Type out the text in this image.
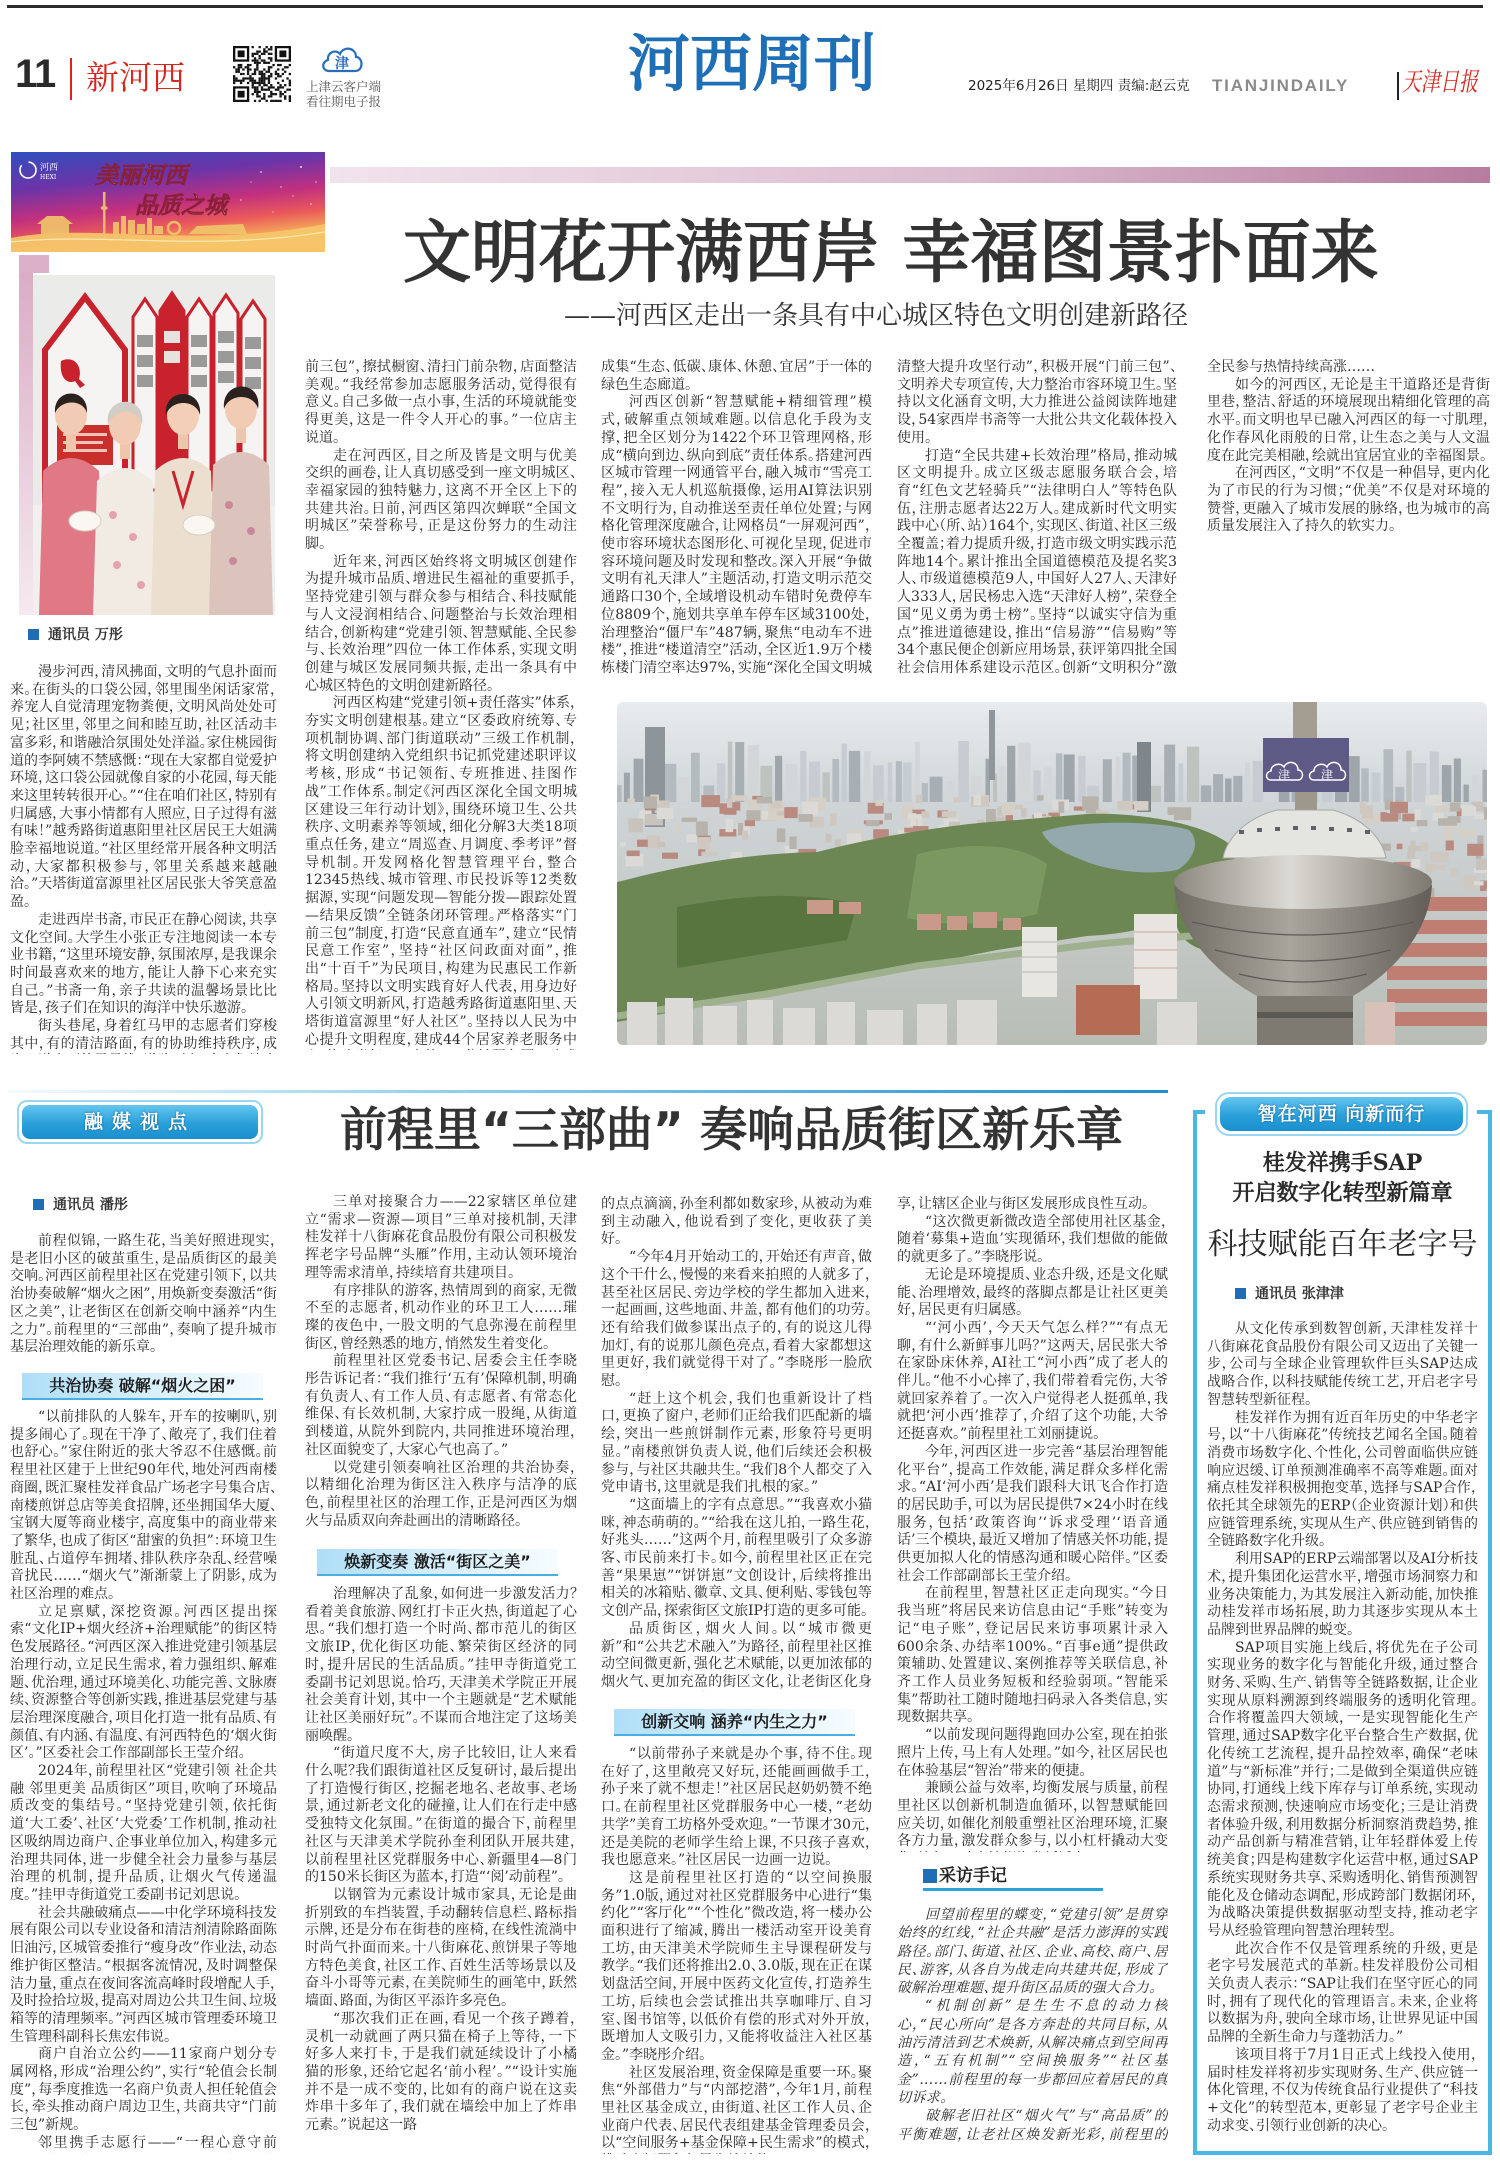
11 新河西	津
上津云客户端
看往期电子报
河西周刊	2025年6月26日 星期四 责编:赵云克 TIANJINDAILY	天津日报
河西
HEXI 美丽河西
品质之城
文明花开满西岸 幸福图景扑面来
——河西区走出一条具有中心城区特色文明创建新路径
通讯员 万彤

漫步河西，清风拂面，文明的气息扑面而来。在街头的口袋公园，邻里围坐闲话家常，养宠人自觉清理宠物粪便，文明风尚处处可见；社区里，邻里之间和睦互助，社区活动丰富多彩，和谐融洽氛围处处洋溢。家住桃园街道的李阿姨不禁感慨：“现在大家都自觉爱护环境，这口袋公园就像自家的小花园，每天能来这里转转很开心。”“住在咱们社区，特别有归属感，大事小情都有人照应，日子过得有滋有味！”越秀路街道惠阳里社区居民王大姐满脸幸福地说道。“社区里经常开展各种文明活动，大家都积极参与，邻里关系越来越融洽。”天塔街道富源里社区居民张大爷笑意盈盈。

走进西岸书斋，市民正在静心阅读，共享文化空间。大学生小张正专注地阅读一本专业书籍，“这里环境安静，氛围浓厚，是我课余时间最喜欢来的地方，能让人静下心来充实自己。”书斋一角，亲子共读的温馨场景比比皆是，孩子们在知识的海洋中快乐遨游。

街头巷尾，身着红马甲的志愿者们穿梭其中，有的清洁路面，有的协助维持秩序，成

前三包”，擦拭橱窗、清扫门前杂物，店面整洁美观。“我经常参加志愿服务活动，觉得很有意义。自己多做一点小事，生活的环境就能变得更美，这是一件令人开心的事。”一位店主说道。

走在河西区，目之所及皆是文明与优美交织的画卷，让人真切感受到一座文明城区、幸福家园的独特魅力，这离不开全区上下的共建共治。日前，河西区第四次蝉联“全国文明城区”荣誉称号，正是这份努力的生动注脚。

近年来，河西区始终将文明城区创建作为提升城市品质、增进民生福祉的重要抓手，坚持党建引领与群众参与相结合、科技赋能与人文浸润相结合、问题整治与长效治理相结合，创新构建“党建引领、智慧赋能、全民参与、长效治理”四位一体工作体系，实现文明创建与城区发展同频共振，走出一条具有中心城区特色的文明创建新路径。

河西区构建“党建引领+责任落实”体系，夯实文明创建根基。建立“区委政府统筹、专项机制协调、部门街道联动”三级工作机制，将文明创建纳入党组织书记抓党建述职评议考核，形成“书记领衔、专班推进、挂图作战”工作体系。制定《河西区深化全国文明城区建设三年行动计划》，围绕环境卫生、公共秩序、文明素养等领域，细化分解3大类18项重点任务，建立“周巡查、月调度、季考评”督导机制。开发网格化智慧管理平台，整合12345热线、城市管理、市民投诉等12类数据源，实现“问题发现—智能分拨—跟踪处置—结果反馈”全链条闭环管理。严格落实“门前三包”制度，打造“民意直通车”，建立“民情民意工作室”，坚持“社区问政面对面”，推出“十百千”为民项目，构建为民惠民工作新格局。坚持以文明实践育好人代表，用身边好人引领文明新风，打造越秀路街道惠阳里、天塔街道富源里“好人社区”。坚持以人民为中心提升文明程度，建成44个居家养老服务中

成集“生态、低碳、康体、休憩、宜居”于一体的绿色生态廊道。

河西区创新“智慧赋能+精细管理”模式，破解重点领域难题。以信息化手段为支撑，把全区划分为1422个环卫管理网格，形成“横向到边、纵向到底”责任体系。搭建河西区城市管理一网通管平台，融入城市“雪亮工程”，接入无人机巡航摄像，运用AI算法识别不文明行为，自动推送至责任单位处置；与网格化管理深度融合，让网格员“一屏观河西”，使市容环境状态图形化、可视化呈现，促进市容环境问题及时发现和整改。深入开展“争做文明有礼天津人”主题活动，打造文明示范交通路口30个，全域增设机动车错时免费停车位8809个，施划共享单车停车区域3100处，治理整治“僵尸车”487辆，聚焦“电动车不进楼”，推进“楼道清空”活动，全区近1.9万个楼栋楼门清空率达97%，实施“深化全国文明城

清整大提升攻坚行动”，积极开展“门前三包”、文明养犬专项宣传，大力整治市容环境卫生。坚持以文化涵育文明，大力推进公益阅读阵地建设，54家西岸书斋等一大批公共文化载体投入使用。

打造“全民共建+长效治理”格局，推动城区文明提升。成立区级志愿服务联合会，培育“红色文艺轻骑兵”“法律明白人”等特色队伍，注册志愿者达22万人。建成新时代文明实践中心（所、站）164个，实现区、街道、社区三级全覆盖；着力提质升级，打造市级文明实践示范阵地14个。累计推出全国道德模范及提名奖3人、市级道德模范9人，中国好人27人、天津好人333人，居民杨忠入选“天津好人榜”，荣登全国“见义勇为勇士榜”。坚持“以诚实守信为重点”推进道德建设，推出“信易游”“信易购”等34个惠民便企创新应用场景，获评第四批全国社会信用体系建设示范区。创新“文明积分”激

全民参与热情持续高涨……

如今的河西区，无论是主干道路还是背街里巷，整洁、舒适的环境展现出精细化管理的高水平。而文明也早已融入河西区的每一寸肌理，化作春风化雨般的日常，让生态之美与人文温度在此完美相融，绘就出宜居宜业的幸福图景。

在河西区，“文明”不仅是一种倡导，更内化为了市民的行为习惯；“优美”不仅是对环境的赞誉，更融入了城市发展的脉络，也为城市的高质量发展注入了持久的软实力。

津	津
融媒视点	前程里“三部曲” 奏响品质街区新乐章
通讯员 潘彤

前程似锦，一路生花，当美好照进现实，是老旧小区的破茧重生，是品质街区的最美交响。河西区前程里社区在党建引领下，以共治协奏破解“烟火之困”，用焕新变奏激活“街区之美”，让老街区在创新交响中涵养“内生之力”。前程里的“三部曲”，奏响了提升城市基层治理效能的新乐章。

共治协奏 破解“烟火之困”

“以前排队的人躲车，开车的按喇叭，别提多闹心了。现在干净了、敞亮了，我们住着也舒心。”家住附近的张大爷忍不住感慨。前程里社区建于上世纪90年代，地处河西南楼商圈，既汇聚桂发祥食品广场老字号集合店、南楼煎饼总店等美食招牌，还坐拥国华大厦、宝钢大厦等商业楼宇，高度集中的商业带来了繁华，也成了街区“甜蜜的负担”：环境卫生脏乱、占道停车拥堵、排队秩序杂乱、经营噪音扰民……“烟火气”渐渐蒙上了阴影，成为社区治理的难点。

立足禀赋，深挖资源。河西区提出探索“文化IP+烟火经济+治理赋能”的街区特色发展路径。“河西区深入推进党建引领基层治理行动，立足民生需求，着力强组织、解难题、优治理，通过环境美化、功能完善、文脉赓续、资源整合等创新实践，推进基层党建与基层治理深度融合，项目化打造一批有品质、有颜值、有内涵、有温度、有河西特色的‘烟火街区’。”区委社会工作部副部长王莹介绍。

2024年，前程里社区“党建引领 社企共融 邻里更美 品质街区”项目，吹响了环境品质改变的集结号。“坚持党建引领，依托街道‘大工委’、社区‘大党委’工作机制，推动社区吸纳周边商户、企事业单位加入，构建多元治理共同体，进一步健全社会力量参与基层治理的机制，提升品质，让烟火气传递温度。”挂甲寺街道党工委副书记刘思说。

社会共融破痛点——中化学环境科技发展有限公司以专业设备和清洁剂清除路面陈旧油污，区城管委推行“瘦身改”作业法，动态维护街区整洁。“根据客流情况，及时调整保洁力量，重点在夜间客流高峰时段增配人手，及时捡拾垃圾，提高对周边公共卫生间、垃圾箱等的清理频率。”河西区城市管理委环境卫生管理科副科长焦宏伟说。

商户自治立公约——11家商户划分专属网格，形成“治理公约”，实行“轮值会长制度”，每季度推选一名商户负责人担任轮值会长，牵头推动商户周边卫生，共商共守“门前三包”新规。

邻里携手志愿行——“一程心意守前

三单对接聚合力——22家辖区单位建立“需求—资源—项目”三单对接机制，天津桂发祥十八街麻花食品股份有限公司积极发挥老字号品牌“头雁”作用，主动认领环境治理等需求清单，持续培育共建项目。

有序排队的游客，热情周到的商家，无微不至的志愿者，机动作业的环卫工人……璀璨的夜色中，一股文明的气息弥漫在前程里街区，曾经熟悉的地方，悄然发生着变化。

前程里社区党委书记、居委会主任李晓彤告诉记者：“我们推行‘五有’保障机制，明确有负责人、有工作人员、有志愿者、有常态化维保、有长效机制，大家拧成一股绳，从街道到楼道，从院外到院内，共同推进环境治理，社区面貌变了，大家心气也高了。”

以党建引领奏响社区治理的共治协奏，以精细化治理为街区注入秩序与洁净的底色，前程里社区的治理工作，正是河西区为烟火与品质双向奔赴画出的清晰路径。

焕新变奏 激活“街区之美”

治理解决了乱象，如何进一步激发活力？看着美食旅游、网红打卡正火热，街道起了心思。“我们想打造一个时尚、都市范儿的街区文旅IP，优化街区功能、繁荣街区经济的同时，提升居民的生活品质。”挂甲寺街道党工委副书记刘思说。恰巧，天津美术学院正开展社会美育计划，其中一个主题就是“艺术赋能让社区美丽好玩”。不谋而合地注定了这场美丽唤醒。

“街道尺度不大，房子比较旧，让人来看什么呢？我们跟街道社区反复研讨，最后提出了打造慢行街区，挖掘老地名、老故事、老场景，通过新老文化的碰撞，让人们在行走中感受独特文化氛围。”在街道的撮合下，前程里社区与天津美术学院孙奎利团队开展共建，以前程里社区党群服务中心、新疆里4—8门的150米长街区为蓝本，打造“‘阅’动前程”。

以钢管为元素设计城市家具，无论是曲折别致的车挡装置，手动翻转信息栏、路标指示牌，还是分布在街巷的座椅，在线性流淌中时尚气扑面而来。十八街麻花、煎饼果子等地方特色美食，社区工作、百姓生活等场景以及奋斗小哥等元素，在美院师生的画笔中，跃然墙面、路面，为街区平添许多亮色。

“那次我们正在画，看见一个孩子蹲着，灵机一动就画了两只猫在椅子上等待，一下好多人来打卡，于是我们就延续设计了小橘猫的形象，还给它起名‘前小程’。”“设计实施并不是一成不变的，比如有的商户说在这卖炸串十多年了，我们就在墙绘中加上了炸串元素。”说起这一路

的点点滴滴，孙奎利都如数家珍，从被动为难到主动融入，他说看到了变化，更收获了美好。

“今年4月开始动工的，开始还有声音，做这个干什么，慢慢的来看来拍照的人就多了，甚至社区居民、旁边学校的学生都加入进来，一起画画，这些地面、井盖，都有他们的功劳。还有给我们做参谋出点子的，有的说这儿得加灯，有的说那儿颜色亮点，看着大家都想这里更好，我们就觉得干对了。”李晓彤一脸欣慰。

“赶上这个机会，我们也重新设计了档口，更换了窗户，老师们正给我们匹配新的墙绘，突出一些煎饼制作元素，形象符号更明显。”南楼煎饼负责人说，他们后续还会积极参与，与社区共融共生。“我们8个人都交了入党申请书，这里就是我们扎根的家。”

“这面墙上的字有点意思。”“我喜欢小猫咪，神态萌萌的。”“给我在这儿拍，一路生花，好兆头……”这两个月，前程里吸引了众多游客、市民前来打卡。如今，前程里社区正在完善“果果崽”“饼饼崽”文创设计，后续将推出相关的冰箱贴、徽章、文具、便利贴、零钱包等文创产品，探索街区文旅IP打造的更多可能。

品质街区，烟火人间。以“城市微更新”和“公共艺术融入”为路径，前程里社区推动空间微更新，强化艺术赋能，以更加浓郁的烟火气、更加充盈的街区文化，让老街区化身

创新交响 涵养“内生之力”

“以前带孙子来就是办个事，待不住。现在好了，这里敞亮又好玩，还能画画做手工，孙子来了就不想走！”社区居民赵奶奶赞不绝口。在前程里社区党群服务中心一楼，“老幼共学”美育工坊格外受欢迎。“一节课才30元，还是美院的老师学生给上课，不只孩子喜欢，我也愿意来。”社区居民一边画一边说。

这是前程里社区打造的“以空间换服务”1.0版，通过对社区党群服务中心进行“集约化”“客厅化”“个性化”微改造，将一楼办公面积进行了缩减，腾出一楼活动室开设美育工坊，由天津美术学院师生主导课程研发与教学。“我们还将推出2.0、3.0版，现在正在谋划盘活空间，开展中医药文化宣传，打造养生工坊，后续也会尝试推出共享咖啡厅、自习室、图书馆等，以低价有偿的形式对外开放，既增加人文吸引力，又能将收益注入社区基金。”李晓彤介绍。

社区发展治理，资金保障是重要一环。聚焦“外部借力”与“内部挖潜”，今年1月，前程里社区基金成立，由街道、社区工作人员、企业商户代表、居民代表组建基金管理委员会，以“空间服务+基金保障+民生需求”的模式，

享，让辖区企业与街区发展形成良性互动。

“这次微更新微改造全部使用社区基金，随着‘募集+造血’实现循环，我们想做的能做的就更多了。”李晓彤说。

无论是环境提质、业态升级，还是文化赋能、治理增效，最终的落脚点都是让社区更美好，居民更有归属感。

“‘河小西’，今天天气怎么样？”“有点无聊，有什么新鲜事儿吗？”这两天，居民张大爷在家卧床休养，AI社工“河小西”成了老人的伴儿。“他不小心摔了，我们带着看完伤，大爷就回家养着了。一次入户觉得老人挺孤单，我就把‘河小西’推荐了，介绍了这个功能，大爷还挺喜欢。”前程里社工刘丽捷说。

今年，河西区进一步完善“基层治理智能化平台”，提高工作效能，满足群众多样化需求。“AI‘河小西’是我们跟科大讯飞合作打造的居民助手，可以为居民提供7×24小时在线服务，包括‘政策咨询’‘诉求受理’‘语音通话’三个模块，最近又增加了情感关怀功能，提供更加拟人化的情感沟通和暖心陪伴。”区委社会工作部副部长王莹介绍。

在前程里，智慧社区正走向现实。“今日我当班”将居民来访信息由记“手账”转变为记“电子账”，登记居民来访事项累计录入600余条、办结率100%。“百事e通”提供政策辅助、处置建议、案例推荐等关联信息，补齐工作人员业务短板和经验弱项。“智能采集”帮助社工随时随地扫码录入各类信息，实现数据共享。

“以前发现问题得跑回办公室，现在拍张照片上传，马上有人处理。”如今，社区居民也在体验基层“智治”带来的便捷。

兼顾公益与效率，均衡发展与质量，前程里社区以创新机制造血循环，以智慧赋能回应关切，如催化剂般重塑社区治理环境，汇聚各方力量，激发群众参与，以小杠杆撬动大变

采访手记

回望前程里的蝶变，“党建引领”是贯穿始终的红线，“社企共融”是活力澎湃的实践路径。部门、街道、社区、企业、高校、商户、居民、游客，从各自为战走向共建共促，形成了破解治理难题、提升街区品质的强大合力。

“机制创新”是生生不息的动力核心，“民心所向”是各方奔赴的共同目标，从油污清洁到艺术焕新，从解决痛点到空间再造，“五有机制”“空间换服务”“社区基金”……前程里的每一步都回应着居民的真切诉求。

破解老旧社区“烟火气”与“高品质”的平衡难题，让老社区焕发新光彩，前程里的

智在河西 向新而行
桂发祥携手SAP
开启数字化转型新篇章
科技赋能百年老字号
通讯员 张津津

从文化传承到数智创新，天津桂发祥十八街麻花食品股份有限公司又迈出了关键一步，公司与全球企业管理软件巨头SAP达成战略合作，以科技赋能传统工艺，开启老字号智慧转型新征程。

桂发祥作为拥有近百年历史的中华老字号，以“十八街麻花”传统技艺闻名全国。随着消费市场数字化、个性化，公司曾面临供应链响应迟缓、订单预测准确率不高等难题。面对痛点桂发祥积极拥抱变革，选择与SAP合作，依托其全球领先的ERP（企业资源计划）和供应链管理系统，实现从生产、供应链到销售的全链路数字化升级。

利用SAP的ERP云端部署以及AI分析技术，提升集团化运营水平，增强市场洞察力和业务决策能力，为其发展注入新动能，加快推动桂发祥市场拓展，助力其逐步实现从本土品牌到世界品牌的蜕变。

SAP项目实施上线后，将优先在子公司实现业务的数字化与智能化升级，通过整合财务、采购、生产、销售等全链路数据，让企业实现从原料溯源到终端服务的透明化管理。合作将覆盖四大领域，一是实现智能化生产管理，通过SAP数字化平台整合生产数据，优化传统工艺流程，提升品控效率，确保“老味道”与“新标准”并行；二是做到全渠道供应链协同，打通线上线下库存与订单系统，实现动态需求预测，快速响应市场变化；三是让消费者体验升级，利用数据分析洞察消费趋势，推动产品创新与精准营销，让年轻群体爱上传统美食；四是构建数字化运营中枢，通过SAP系统实现财务共享、采购透明化、销售预测智能化及仓储动态调配，形成跨部门数据闭环，为战略决策提供数据驱动型支持，推动老字号从经验管理向智慧治理转型。

此次合作不仅是管理系统的升级，更是老字号发展范式的革新。桂发祥股份公司相关负责人表示：“SAP让我们在坚守匠心的同时，拥有了现代化的管理语言。未来，企业将以数据为舟，驶向全球市场，让世界见证中国品牌的全新生命力与蓬勃活力。”

该项目将于7月1日正式上线投入使用，届时桂发祥将初步实现财务、生产、供应链一体化管理，不仅为传统食品行业提供了“科技+文化”的转型范本，更彰显了老字号企业主动求变、引领行业创新的决心。
